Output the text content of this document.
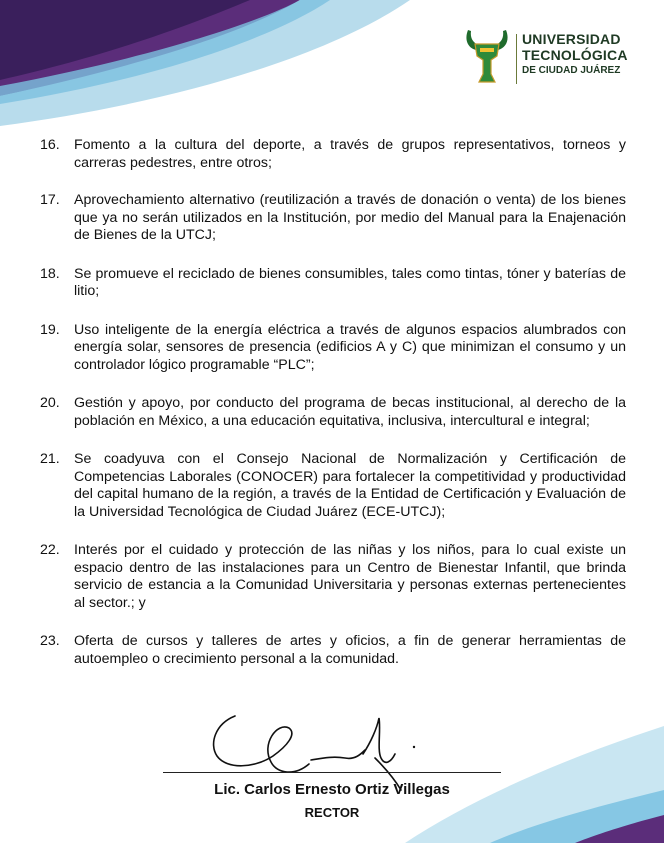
UNIVERSIDAD
TECNOLÓGICA
DE CIUDAD JUÁREZ
16.	Fomento a la cultura del deporte, a través de grupos representativos, torneos y carreras pedestres, entre otros;
17.	Aprovechamiento alternativo (reutilización a través de donación o venta) de los bienes que ya no serán utilizados en la Institución, por medio del Manual para la Enajenación de Bienes de la UTCJ;
18.	Se promueve el reciclado de bienes consumibles, tales como tintas, tóner y baterías de litio;
19.	Uso inteligente de la energía eléctrica a través de algunos espacios alumbrados con energía solar, sensores de presencia (edificios A y C) que minimizan el consumo y un controlador lógico programable “PLC”;
20.	Gestión y apoyo, por conducto del programa de becas institucional, al derecho de la población en México, a una educación equitativa, inclusiva, intercultural e integral;
21.	Se coadyuva con el Consejo Nacional de Normalización y Certificación de Competencias Laborales (CONOCER) para fortalecer la competitividad y productividad del capital humano de la región, a través de la Entidad de Certificación y Evaluación de la Universidad Tecnológica de Ciudad Juárez (ECE-UTCJ);
22.	Interés por el cuidado y protección de las niñas y los niños, para lo cual existe un espacio dentro de las instalaciones para un Centro de Bienestar Infantil, que brinda servicio de estancia a la Comunidad Universitaria y personas externas pertenecientes al sector.; y
23.	Oferta de cursos y talleres de artes y oficios, a fin de generar herramientas de autoempleo o crecimiento personal a la comunidad.
Lic. Carlos Ernesto Ortiz Villegas
RECTOR
